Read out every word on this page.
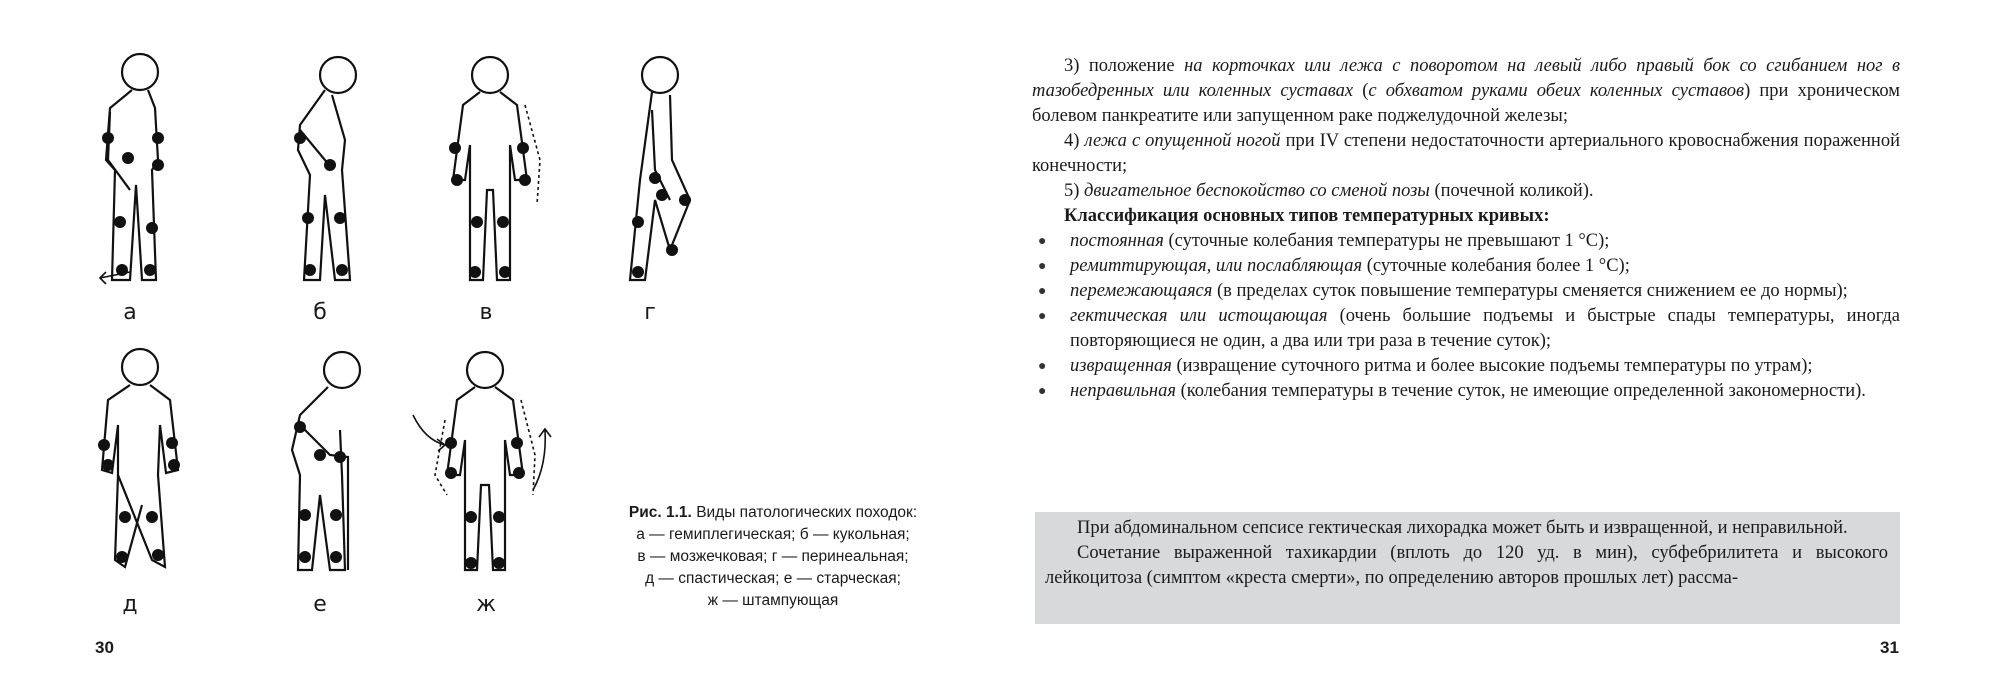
а	б	в	г
д	е	ж
Рис. 1.1. Виды патологических походок:
а — гемиплегическая; б — кукольная;
в — мозжечковая; г — перинеальная;
д — спастическая; е — старческая;
ж — штампующая
30

3) положение на корточках или лежа с поворотом на левый либо правый бок со сгибанием ног в тазобедренных или коленных суставах (с обхватом руками обеих коленных суставов) при хроническом болевом панкреатите или запущенном раке поджелудочной железы;

4) лежа с опущенной ногой при IV степени недостаточности артериального кровоснабжения пораженной конечности;

5) двигательное беспокойство со сменой позы (почечной коликой).

Классификация основных типов температурных кривых:

● постоянная (суточные колебания температуры не превышают 1 °С);
● ремиттирующая, или послабляющая (суточные колебания более 1 °С);
● перемежающаяся (в пределах суток повышение температуры сменяется снижением ее до нормы);
● гектическая или истощающая (очень большие подъемы и быстрые спады температуры, иногда повторяющиеся не один, а два или три раза в течение суток);
● извращенная (извращение суточного ритма и более высокие подъемы температуры по утрам);
● неправильная (колебания температуры в течение суток, не имеющие определенной закономерности).

При абдоминальном сепсисе гектическая лихорадка может быть и извращенной, и неправильной.

Сочетание выраженной тахикардии (вплоть до 120 уд. в мин), субфебрилитета и высокого лейкоцитоза (симптом «креста смерти», по определению авторов прошлых лет) рассма-

31
